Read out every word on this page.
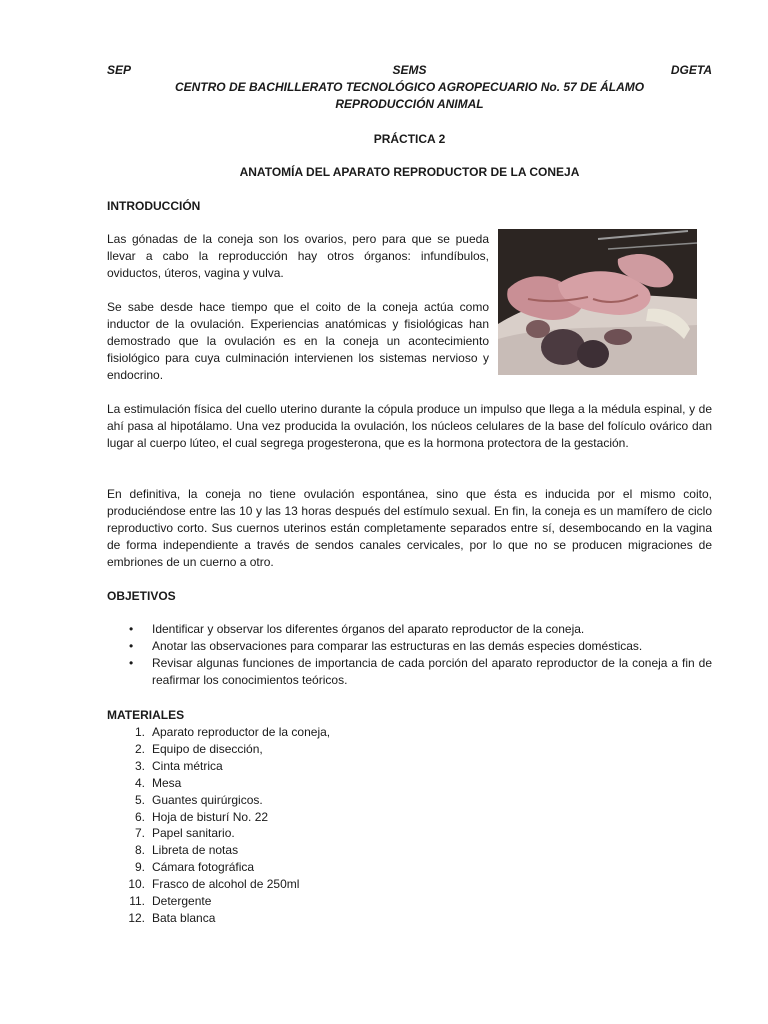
SEP	SEMS	DGETA
CENTRO DE BACHILLERATO TECNOLÓGICO AGROPECUARIO No. 57 DE ÁLAMO
REPRODUCCIÓN ANIMAL
PRÁCTICA 2
ANATOMÍA DEL APARATO REPRODUCTOR DE LA CONEJA
INTRODUCCIÓN

Las gónadas de la coneja son los ovarios, pero para que se pueda llevar a cabo la reproducción hay otros órganos: infundíbulos, oviductos, úteros, vagina y vulva.

Se sabe desde hace tiempo que el coito de la coneja actúa como inductor de la ovulación. Experiencias anatómicas y fisiológicas han demostrado que la ovulación es en la coneja un acontecimiento fisiológico para cuya culminación intervienen los sistemas nervioso y endocrino.

La estimulación física del cuello uterino durante la cópula produce un impulso que llega a la médula espinal, y de ahí pasa al hipotálamo. Una vez producida la ovulación, los núcleos celulares de la base del folículo ovárico dan lugar al cuerpo lúteo, el cual segrega progesterona, que es la hormona protectora de la gestación.

En definitiva, la coneja no tiene ovulación espontánea, sino que ésta es inducida por el mismo coito, produciéndose entre las 10 y las 13 horas después del estímulo sexual. En fin, la coneja es un mamífero de ciclo reproductivo corto. Sus cuernos uterinos están completamente separados entre sí, desembocando en la vagina de forma independiente a través de sendos canales cervicales, por lo que no se producen migraciones de embriones de un cuerno a otro.

OBJETIVOS
• Identificar y observar los diferentes órganos del aparato reproductor de la coneja.
• Anotar las observaciones para comparar las estructuras en las demás especies domésticas.
• Revisar algunas funciones de importancia de cada porción del aparato reproductor de la coneja a fin de reafirmar los conocimientos teóricos.
MATERIALES
1. Aparato reproductor de la coneja,
2. Equipo de disección,
3. Cinta métrica
4. Mesa
5. Guantes quirúrgicos.
6. Hoja de bisturí No. 22
7. Papel sanitario.
8. Libreta de notas
9. Cámara fotográfica
10. Frasco de alcohol de 250ml
11. Detergente
12. Bata blanca
